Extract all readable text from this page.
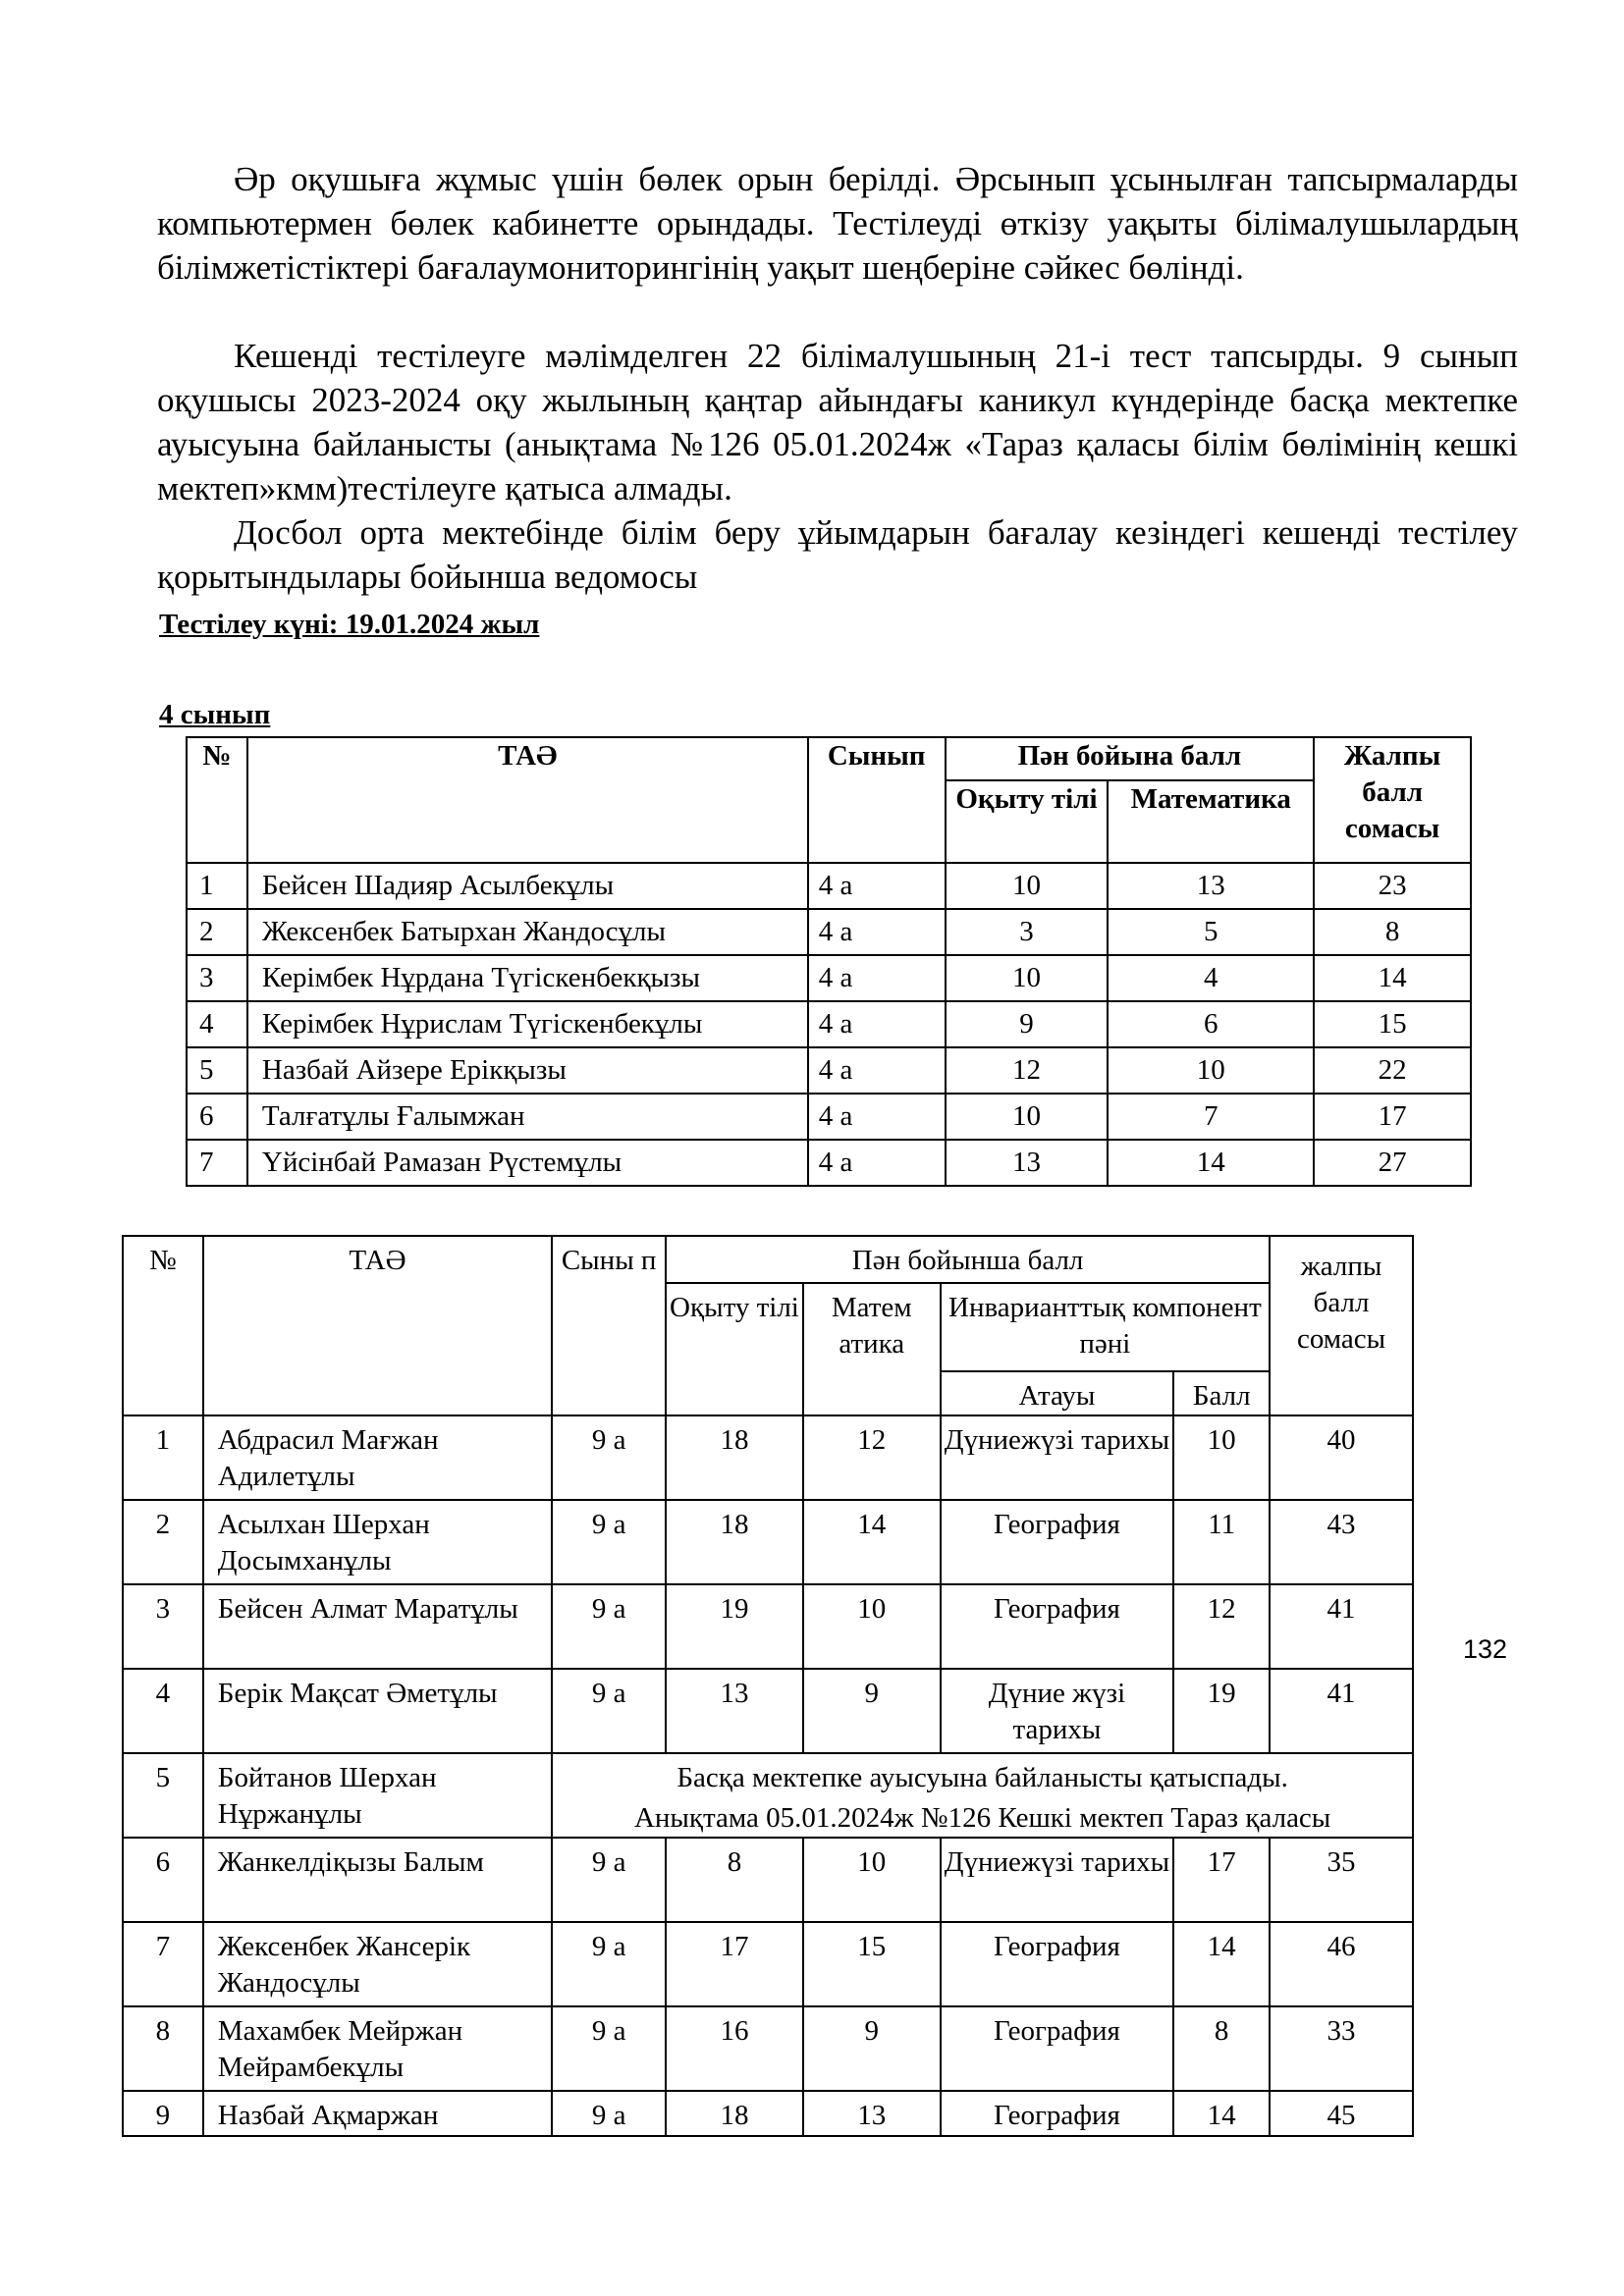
Әр оқушыға жұмыс үшін бөлек орын берілді. Әрсынып ұсынылған тапсырмаларды компьютермен бөлек кабинетте орындады. Тестілеуді өткізу уақыты білімалушылардың білімжетістіктері бағалаумониторингінің уақыт шеңберіне сәйкес бөлінді.
Кешенді тестілеуге мәлімделген 22 білімалушының 21-і тест тапсырды. 9 сынып оқушысы 2023-2024 оқу жылының қаңтар айындағы каникул күндерінде басқа мектепке ауысуына байланысты (анықтама №126 05.01.2024ж «Тараз қаласы білім бөлімінің кешкі мектеп»кмм)тестілеуге қатыса алмады.
Досбол орта мектебінде білім беру ұйымдарын бағалау кезіндегі кешенді тестілеу қорытындылары бойынша ведомосы
Тестілеу күні: 19.01.2024 жыл
4 сынып
№	ТАӘ	Сынып	Пән бойына балл		Жалпы балл сомасы
			Оқыту тілі	Математика	
1	Бейсен Шадияр Асылбекұлы	4 а	10	13	23
2	Жексенбек Батырхан Жандосұлы	4 а	3	5	8
3	Керімбек Нұрдана Түгіскенбекқызы	4 а	10	4	14
4	Керімбек Нұрислам Түгіскенбекұлы	4 а	9	6	15
5	Назбай Айзере Ерікқызы	4 а	12	10	22
6	Талғатұлы Ғалымжан	4 а	10	7	17
7	Үйсінбай Рамазан Рүстемұлы	4 а	13	14	27
№	ТАӘ	Сыны п	Пән бойынша балл				жалпы балл сомасы
			Оқыту тілі	Матем атика	Инварианттық компонент пәні		
					Атауы	Балл	
1	Абдрасил Мағжан Адилетұлы	9 а	18	12	Дүниежүзі тарихы	10	40
2	Асылхан Шерхан Досымханұлы	9 а	18	14	География	11	43
3	Бейсен Алмат Маратұлы	9 а	19	10	География	12	41
4	Берік Мақсат Әметұлы	9 а	13	9	Дүние жүзі тарихы	19	41
5	Бойтанов Шерхан Нұржанұлы	Басқа мектепке ауысуына байланысты қатыспады.
Анықтама 05.01.2024ж №126 Кешкі мектеп Тараз қаласы					

6	Жанкелдіқызы Балым	9 а	8	10	Дүниежүзі тарихы	17	35
7	Жексенбек Жансерік Жандосұлы	9 а	17	15	География	14	46
8	Махамбек Мейржан Мейрамбекұлы	9 а	16	9	География	8	33
9	Назбай Ақмаржан	9 а	18	13	География	14	45
132
